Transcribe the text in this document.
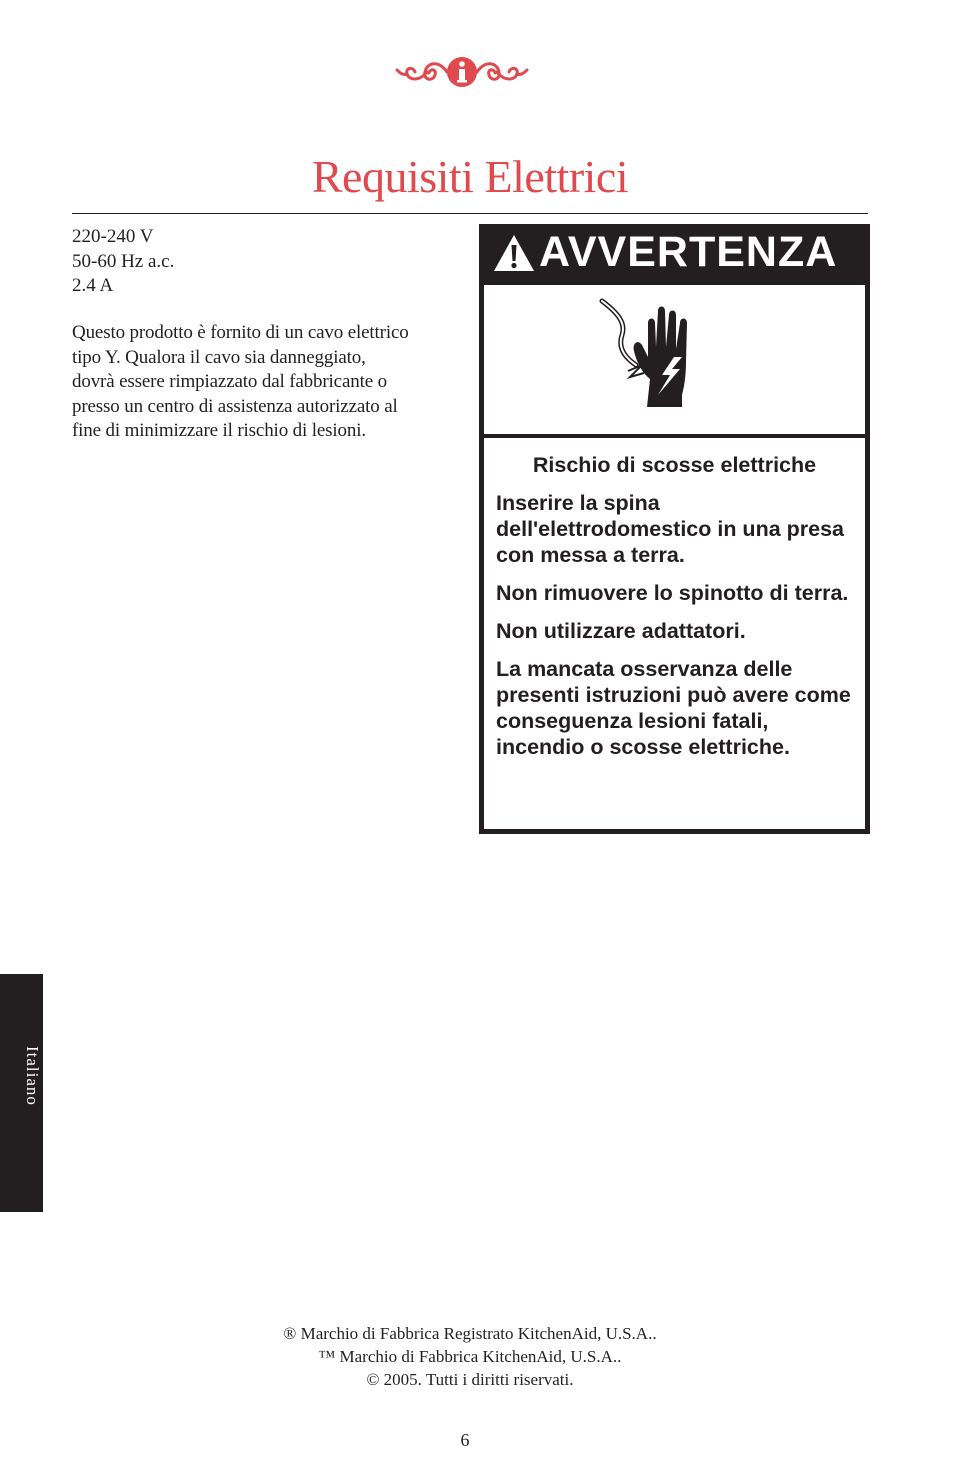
Requisiti Elettrici
220-240 V
50-60 Hz a.c.
2.4 A
Questo prodotto è fornito di un cavo elettrico
tipo Y. Qualora il cavo sia danneggiato,
dovrà essere rimpiazzato dal fabbricante o
presso un centro di assistenza autorizzato al
fine di minimizzare il rischio di lesioni.
AVVERTENZA

Rischio di scosse elettriche

Inserire la spina dell'elettrodomestico in una presa con messa a terra.

Non rimuovere lo spinotto di terra.

Non utilizzare adattatori.

La mancata osservanza delle presenti istruzioni può avere come conseguenza lesioni fatali, incendio o scosse elettriche.

Italiano
® Marchio di Fabbrica Registrato KitchenAid, U.S.A..
™ Marchio di Fabbrica KitchenAid, U.S.A..
© 2005. Tutti i diritti riservati.
6
